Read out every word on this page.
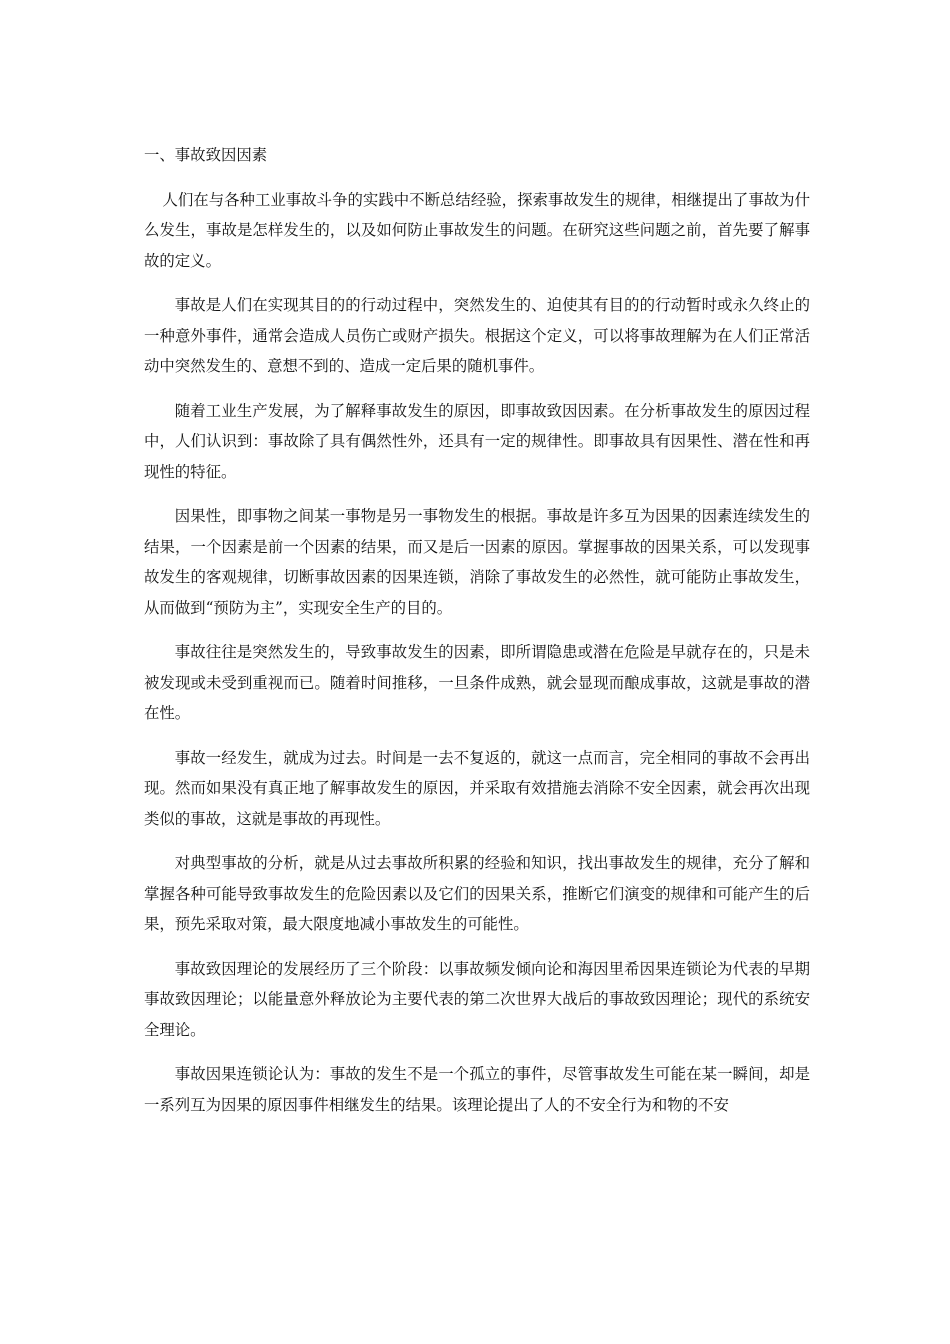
一、事故致因因素

人们在与各种工业事故斗争的实践中不断总结经验，探索事故发生的规律，相继提出了事故为什么发生，事故是怎样发生的，以及如何防止事故发生的问题。在研究这些问题之前，首先要了解事故的定义。

事故是人们在实现其目的的行动过程中，突然发生的、迫使其有目的的行动暂时或永久终止的一种意外事件，通常会造成人员伤亡或财产损失。根据这个定义，可以将事故理解为在人们正常活动中突然发生的、意想不到的、造成一定后果的随机事件。

随着工业生产发展，为了解释事故发生的原因，即事故致因因素。在分析事故发生的原因过程中，人们认识到：事故除了具有偶然性外，还具有一定的规律性。即事故具有因果性、潜在性和再现性的特征。

因果性，即事物之间某一事物是另一事物发生的根据。事故是许多互为因果的因素连续发生的结果，一个因素是前一个因素的结果，而又是后一因素的原因。掌握事故的因果关系，可以发现事故发生的客观规律，切断事故因素的因果连锁，消除了事故发生的必然性，就可能防止事故发生，从而做到“预防为主”，实现安全生产的目的。

事故往往是突然发生的，导致事故发生的因素，即所谓隐患或潜在危险是早就存在的，只是未被发现或未受到重视而已。随着时间推移，一旦条件成熟，就会显现而酿成事故，这就是事故的潜在性。

事故一经发生，就成为过去。时间是一去不复返的，就这一点而言，完全相同的事故不会再出现。然而如果没有真正地了解事故发生的原因，并采取有效措施去消除不安全因素，就会再次出现类似的事故，这就是事故的再现性。

对典型事故的分析，就是从过去事故所积累的经验和知识，找出事故发生的规律，充分了解和掌握各种可能导致事故发生的危险因素以及它们的因果关系，推断它们演变的规律和可能产生的后果，预先采取对策，最大限度地减小事故发生的可能性。

事故致因理论的发展经历了三个阶段：以事故频发倾向论和海因里希因果连锁论为代表的早期事故致因理论；以能量意外释放论为主要代表的第二次世界大战后的事故致因理论；现代的系统安全理论。

事故因果连锁论认为：事故的发生不是一个孤立的事件，尽管事故发生可能在某一瞬间，却是一系列互为因果的原因事件相继发生的结果。该理论提出了人的不安全行为和物的不安
